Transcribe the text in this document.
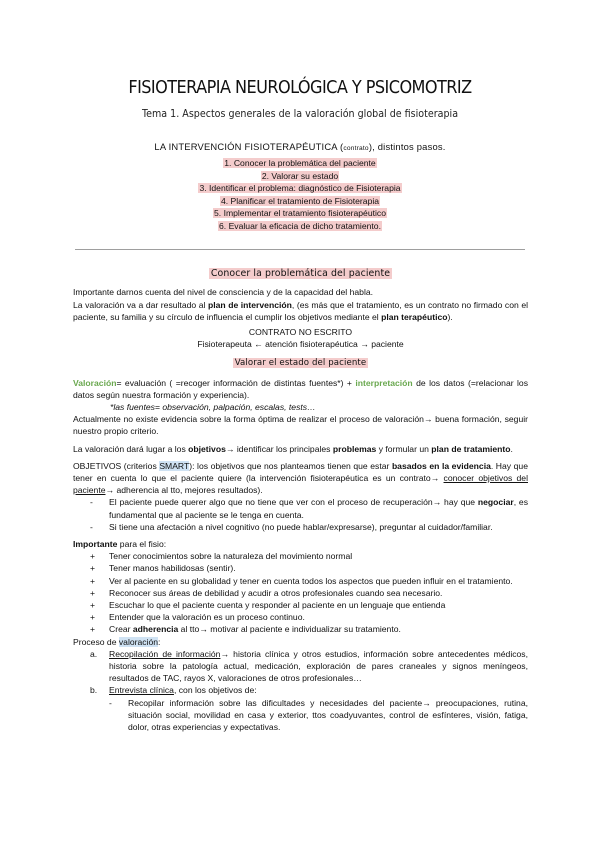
FISIOTERAPIA NEUROLÓGICA Y PSICOMOTRIZ
Tema 1. Aspectos generales de la valoración global de fisioterapia
LA INTERVENCIÓN FISIOTERAPÉUTICA (contrato), distintos pasos.
1. Conocer la problemática del paciente
2. Valorar su estado
3. Identificar el problema: diagnóstico de Fisioterapia
4. Planificar el tratamiento de Fisioterapia
5. Implementar el tratamiento fisioterapéutico
6. Evaluar la eficacia de dicho tratamiento.
Conocer la problemática del paciente

Importante darnos cuenta del nivel de consciencia y de la capacidad del habla.

La valoración va a dar resultado al plan de intervención, (es más que el tratamiento, es un contrato no firmado con el paciente, su familia y su círculo de influencia el cumplir los objetivos mediante el plan terapéutico).

CONTRATO NO ESCRITO

Fisioterapeuta ← atención fisioterapéutica → paciente

Valorar el estado del paciente

Valoración= evaluación ( =recoger información de distintas fuentes*) + interpretación de los datos (=relacionar los datos según nuestra formación y experiencia).

*las fuentes= observación, palpación, escalas, tests…

Actualmente no existe evidencia sobre la forma óptima de realizar el proceso de valoración→ buena formación, seguir nuestro propio criterio.

La valoración dará lugar a los objetivos→ identificar los principales problemas y formular un plan de tratamiento.

OBJETIVOS (criterios SMART): los objetivos que nos planteamos tienen que estar basados en la evidencia. Hay que tener en cuenta lo que el paciente quiere (la intervención fisioterapéutica es un contrato→ conocer objetivos del paciente→ adherencia al tto, mejores resultados).

- El paciente puede querer algo que no tiene que ver con el proceso de recuperación→ hay que negociar, es fundamental que al paciente se le tenga en cuenta.
- Si tiene una afectación a nivel cognitivo (no puede hablar/expresarse), preguntar al cuidador/familiar.

Importante para el fisio:

+ Tener conocimientos sobre la naturaleza del movimiento normal
+ Tener manos habilidosas (sentir).
+ Ver al paciente en su globalidad y tener en cuenta todos los aspectos que pueden influir en el tratamiento.
+ Reconocer sus áreas de debilidad y acudir a otros profesionales cuando sea necesario.
+ Escuchar lo que el paciente cuenta y responder al paciente en un lenguaje que entienda
+ Entender que la valoración es un proceso continuo.
+ Crear adherencia al tto→ motivar al paciente e individualizar su tratamiento.

Proceso de valoración:

a. Recopilación de información→ historia clínica y otros estudios, información sobre antecedentes médicos, historia sobre la patología actual, medicación, exploración de pares craneales y signos meníngeos, resultados de TAC, rayos X, valoraciones de otros profesionales…
b. Entrevista clínica, con los objetivos de:
- Recopilar información sobre las dificultades y necesidades del paciente→ preocupaciones, rutina, situación social, movilidad en casa y exterior, ttos coadyuvantes, control de esfínteres, visión, fatiga, dolor, otras experiencias y expectativas.
